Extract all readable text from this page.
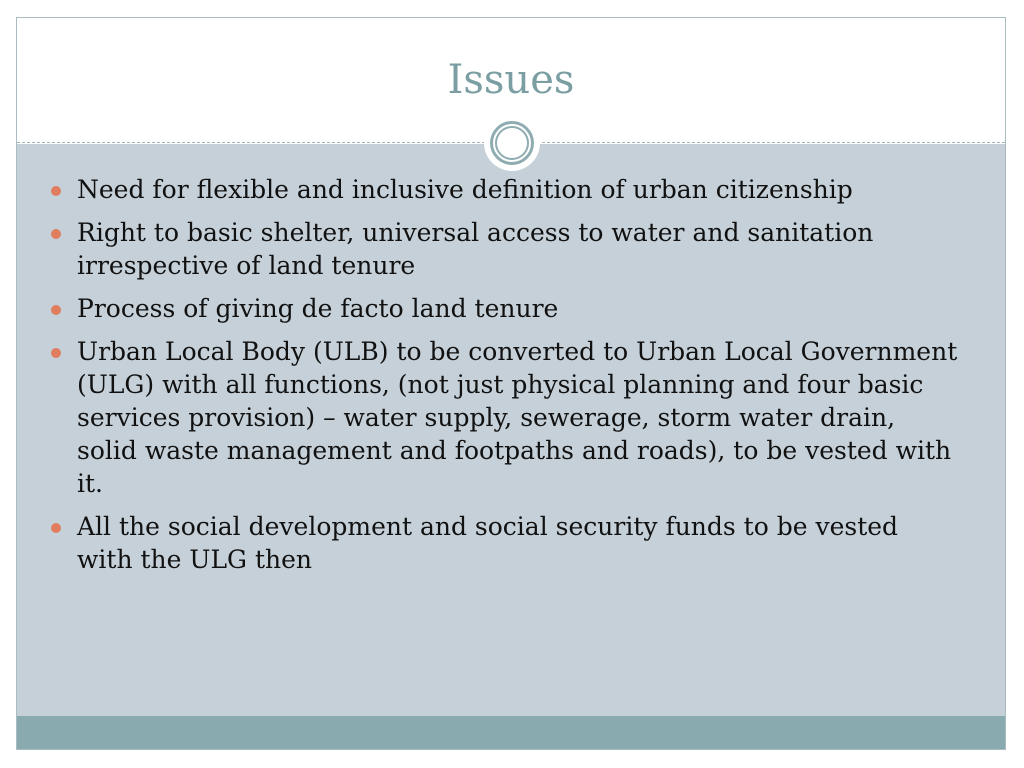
Issues
Need for flexible and inclusive definition of urban citizenship
Right to basic shelter, universal access to water and sanitation irrespective of land tenure
Process of giving de facto land tenure
Urban Local Body (ULB) to be converted to Urban Local Government (ULG) with all functions, (not just physical planning and four basic services provision) – water supply, sewerage, storm water drain, solid waste management and footpaths and roads), to be vested with it.
All the social development and social security funds to be vested with the ULG then
